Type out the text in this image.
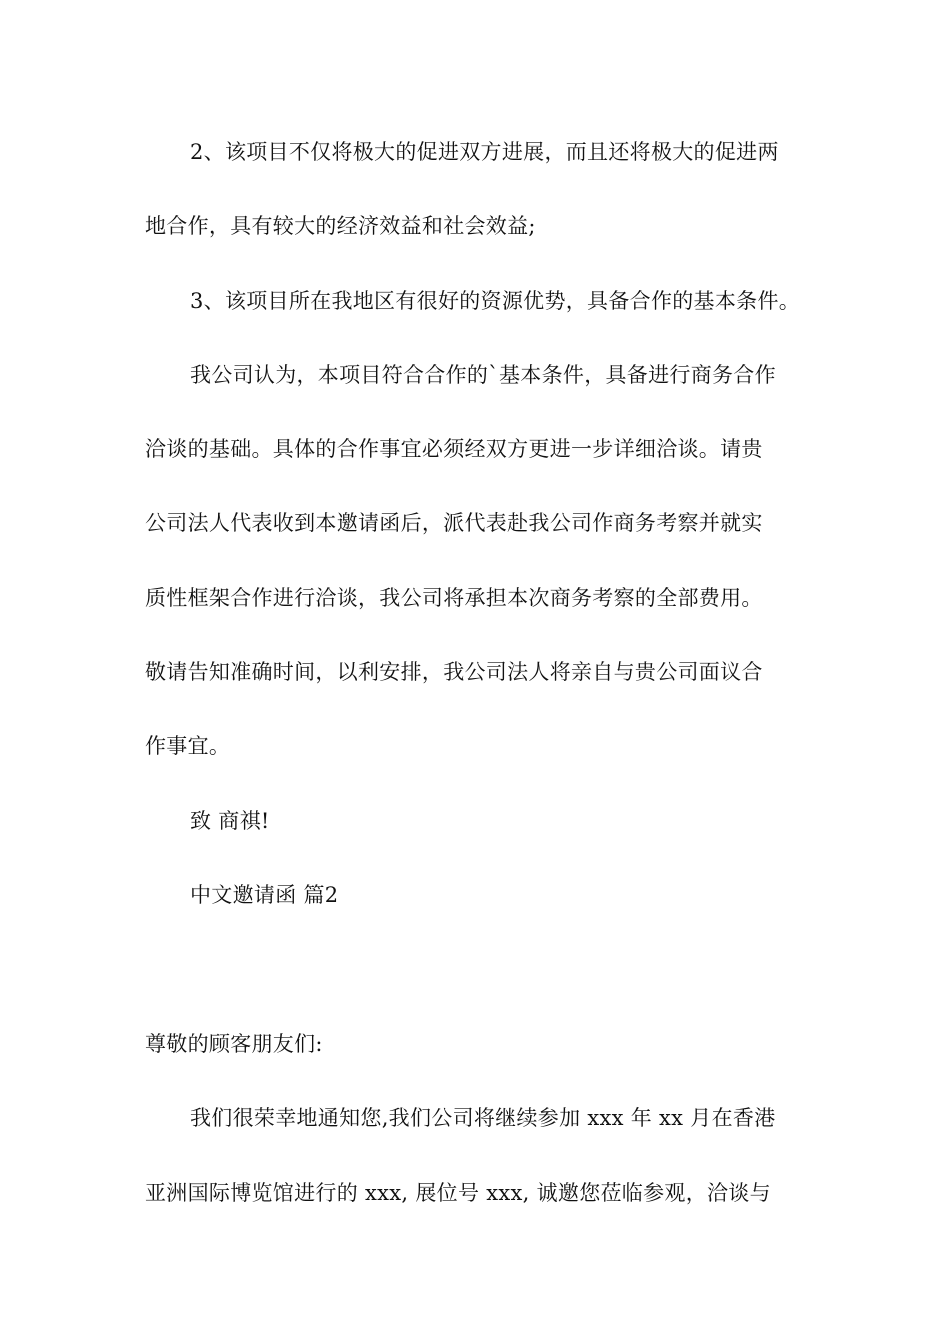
2、该项目不仅将极大的促进双方进展，而且还将极大的促进两
地合作，具有较大的经济效益和社会效益;
3、该项目所在我地区有很好的资源优势，具备合作的基本条件。
我公司认为，本项目符合合作的`基本条件，具备进行商务合作
洽谈的基础。具体的合作事宜必须经双方更进一步详细洽谈。请贵
公司法人代表收到本邀请函后，派代表赴我公司作商务考察并就实
质性框架合作进行洽谈，我公司将承担本次商务考察的全部费用。
敬请告知准确时间，以利安排，我公司法人将亲自与贵公司面议合
作事宜。
致 商祺!
中文邀请函 篇2
尊敬的顾客朋友们:
我们很荣幸地通知您,我们公司将继续参加 xxx 年 xx 月在香港
亚洲国际博览馆进行的 xxx, 展位号 xxx, 诚邀您莅临参观，洽谈与
